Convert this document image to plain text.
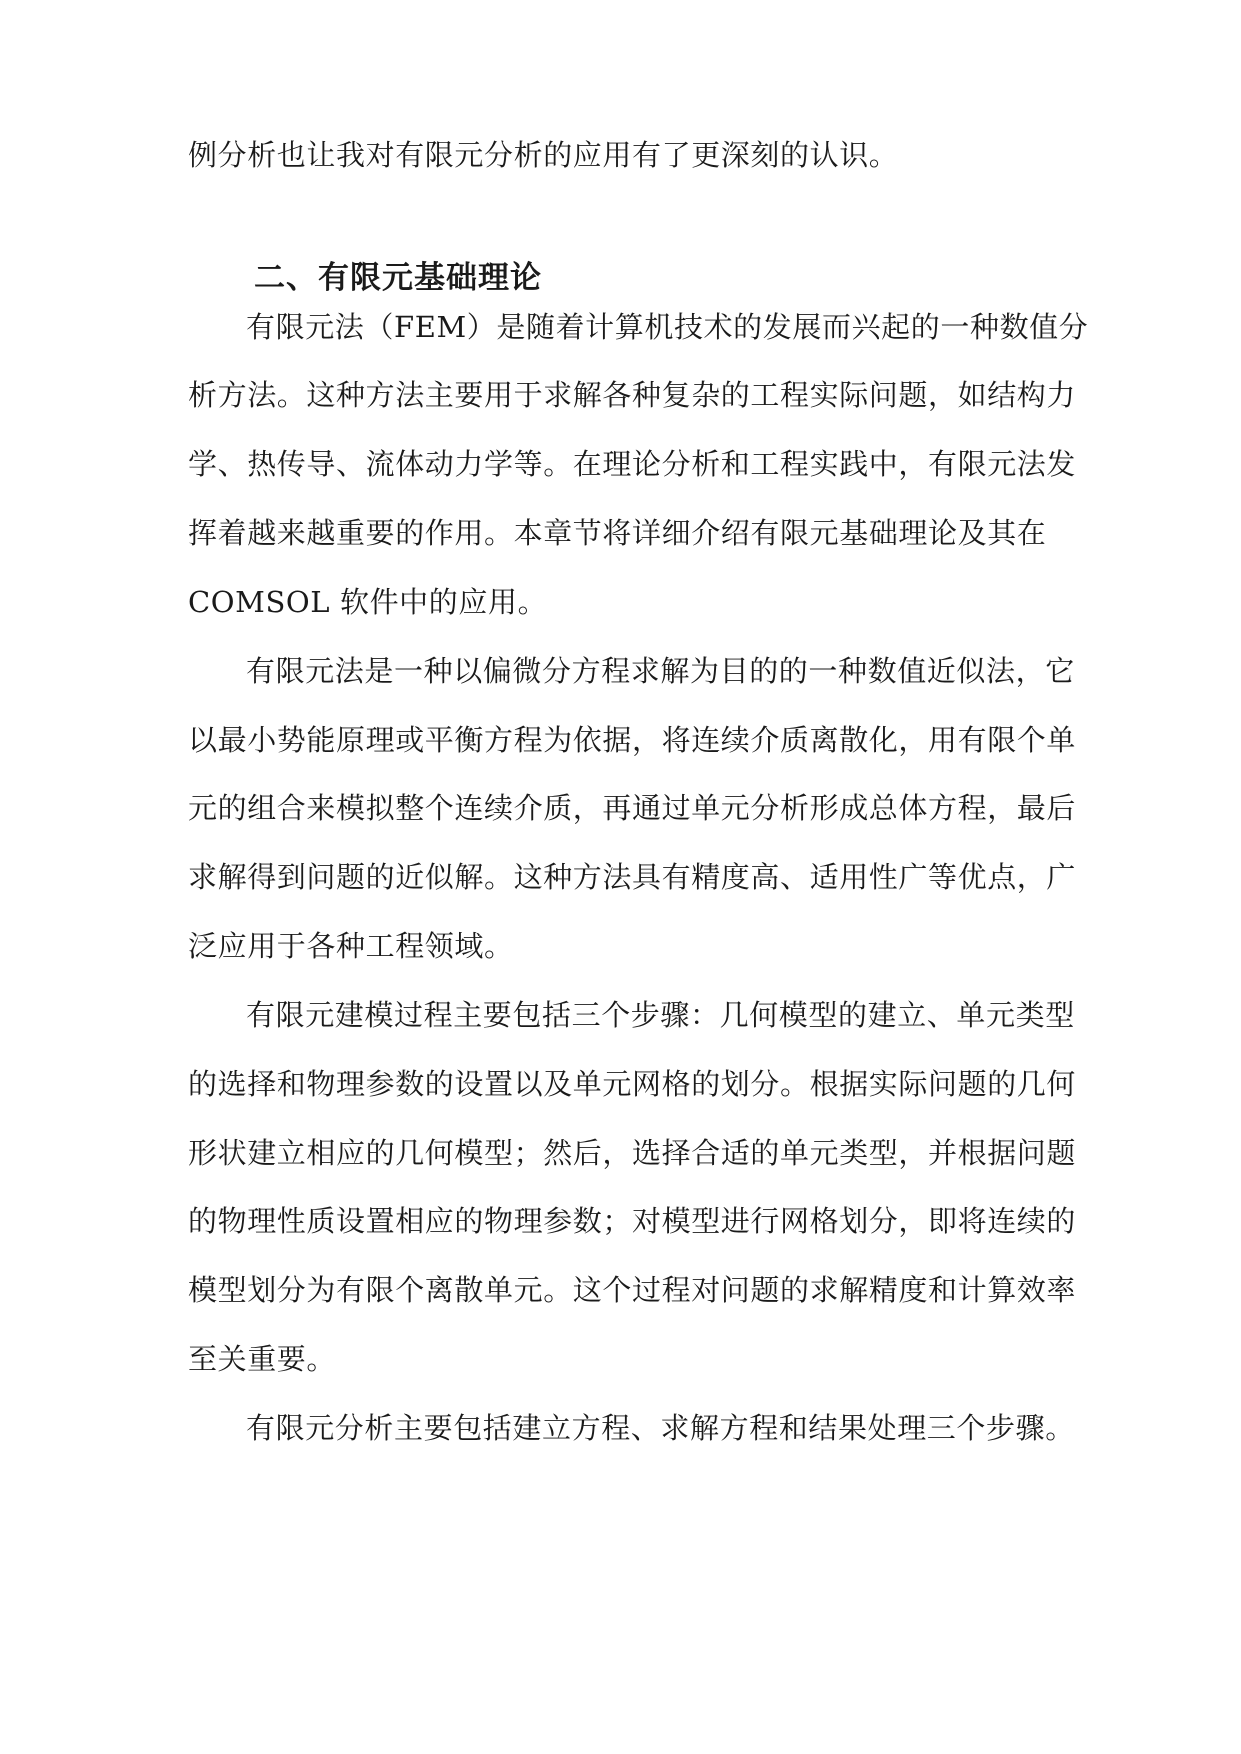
例分析也让我对有限元分析的应用有了更深刻的认识。
二、有限元基础理论
有限元法（FEM）是随着计算机技术的发展而兴起的一种数值分
析方法。这种方法主要用于求解各种复杂的工程实际问题，如结构力
学、热传导、流体动力学等。在理论分析和工程实践中，有限元法发
挥着越来越重要的作用。本章节将详细介绍有限元基础理论及其在
COMSOL 软件中的应用。
有限元法是一种以偏微分方程求解为目的的一种数值近似法，它
以最小势能原理或平衡方程为依据，将连续介质离散化，用有限个单
元的组合来模拟整个连续介质，再通过单元分析形成总体方程，最后
求解得到问题的近似解。这种方法具有精度高、适用性广等优点，广
泛应用于各种工程领域。
有限元建模过程主要包括三个步骤：几何模型的建立、单元类型
的选择和物理参数的设置以及单元网格的划分。根据实际问题的几何
形状建立相应的几何模型；然后，选择合适的单元类型，并根据问题
的物理性质设置相应的物理参数；对模型进行网格划分，即将连续的
模型划分为有限个离散单元。这个过程对问题的求解精度和计算效率
至关重要。
有限元分析主要包括建立方程、求解方程和结果处理三个步骤。
